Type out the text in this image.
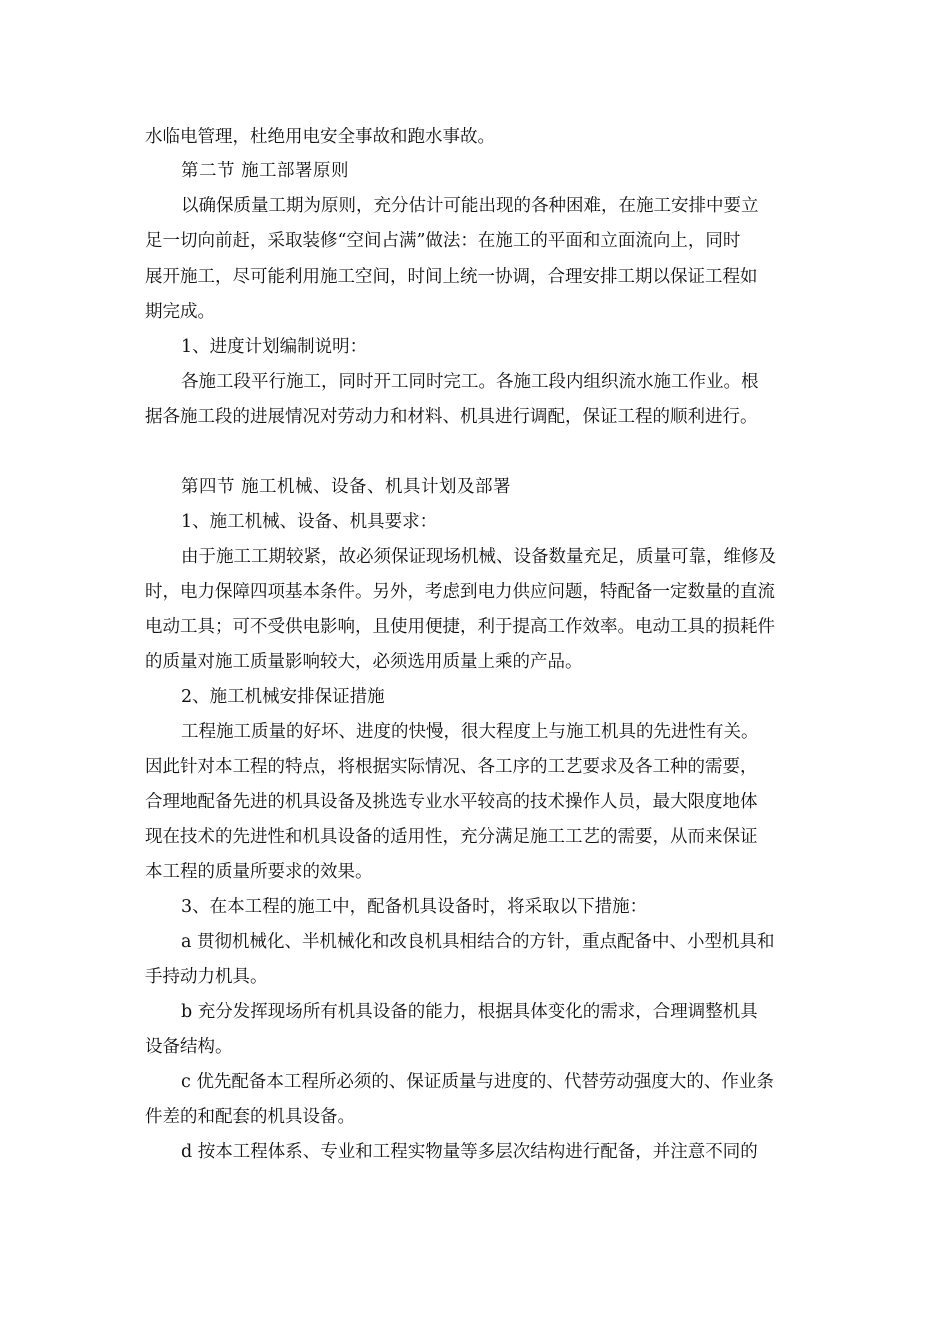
水临电管理，杜绝用电安全事故和跑水事故。
第二节 施工部署原则
以确保质量工期为原则，充分估计可能出现的各种困难，在施工安排中要立
足一切向前赶，采取装修“空间占满”做法：在施工的平面和立面流向上，同时
展开施工，尽可能利用施工空间，时间上统一协调，合理安排工期以保证工程如
期完成。
1、进度计划编制说明：
各施工段平行施工，同时开工同时完工。各施工段内组织流水施工作业。根
据各施工段的进展情况对劳动力和材料、机具进行调配，保证工程的顺利进行。
第四节 施工机械、设备、机具计划及部署
1、施工机械、设备、机具要求：
由于施工工期较紧，故必须保证现场机械、设备数量充足，质量可靠，维修及
时，电力保障四项基本条件。另外，考虑到电力供应问题，特配备一定数量的直流
电动工具；可不受供电影响，且使用便捷，利于提高工作效率。电动工具的损耗件
的质量对施工质量影响较大，必须选用质量上乘的产品。
2、施工机械安排保证措施
工程施工质量的好坏、进度的快慢，很大程度上与施工机具的先进性有关。
因此针对本工程的特点，将根据实际情况、各工序的工艺要求及各工种的需要，
合理地配备先进的机具设备及挑选专业水平较高的技术操作人员，最大限度地体
现在技术的先进性和机具设备的适用性，充分满足施工工艺的需要，从而来保证
本工程的质量所要求的效果。
3、在本工程的施工中，配备机具设备时，将采取以下措施：
a 贯彻机械化、半机械化和改良机具相结合的方针，重点配备中、小型机具和
手持动力机具。
b 充分发挥现场所有机具设备的能力，根据具体变化的需求，合理调整机具
设备结构。
c 优先配备本工程所必须的、保证质量与进度的、代替劳动强度大的、作业条
件差的和配套的机具设备。
d 按本工程体系、专业和工程实物量等多层次结构进行配备，并注意不同的
